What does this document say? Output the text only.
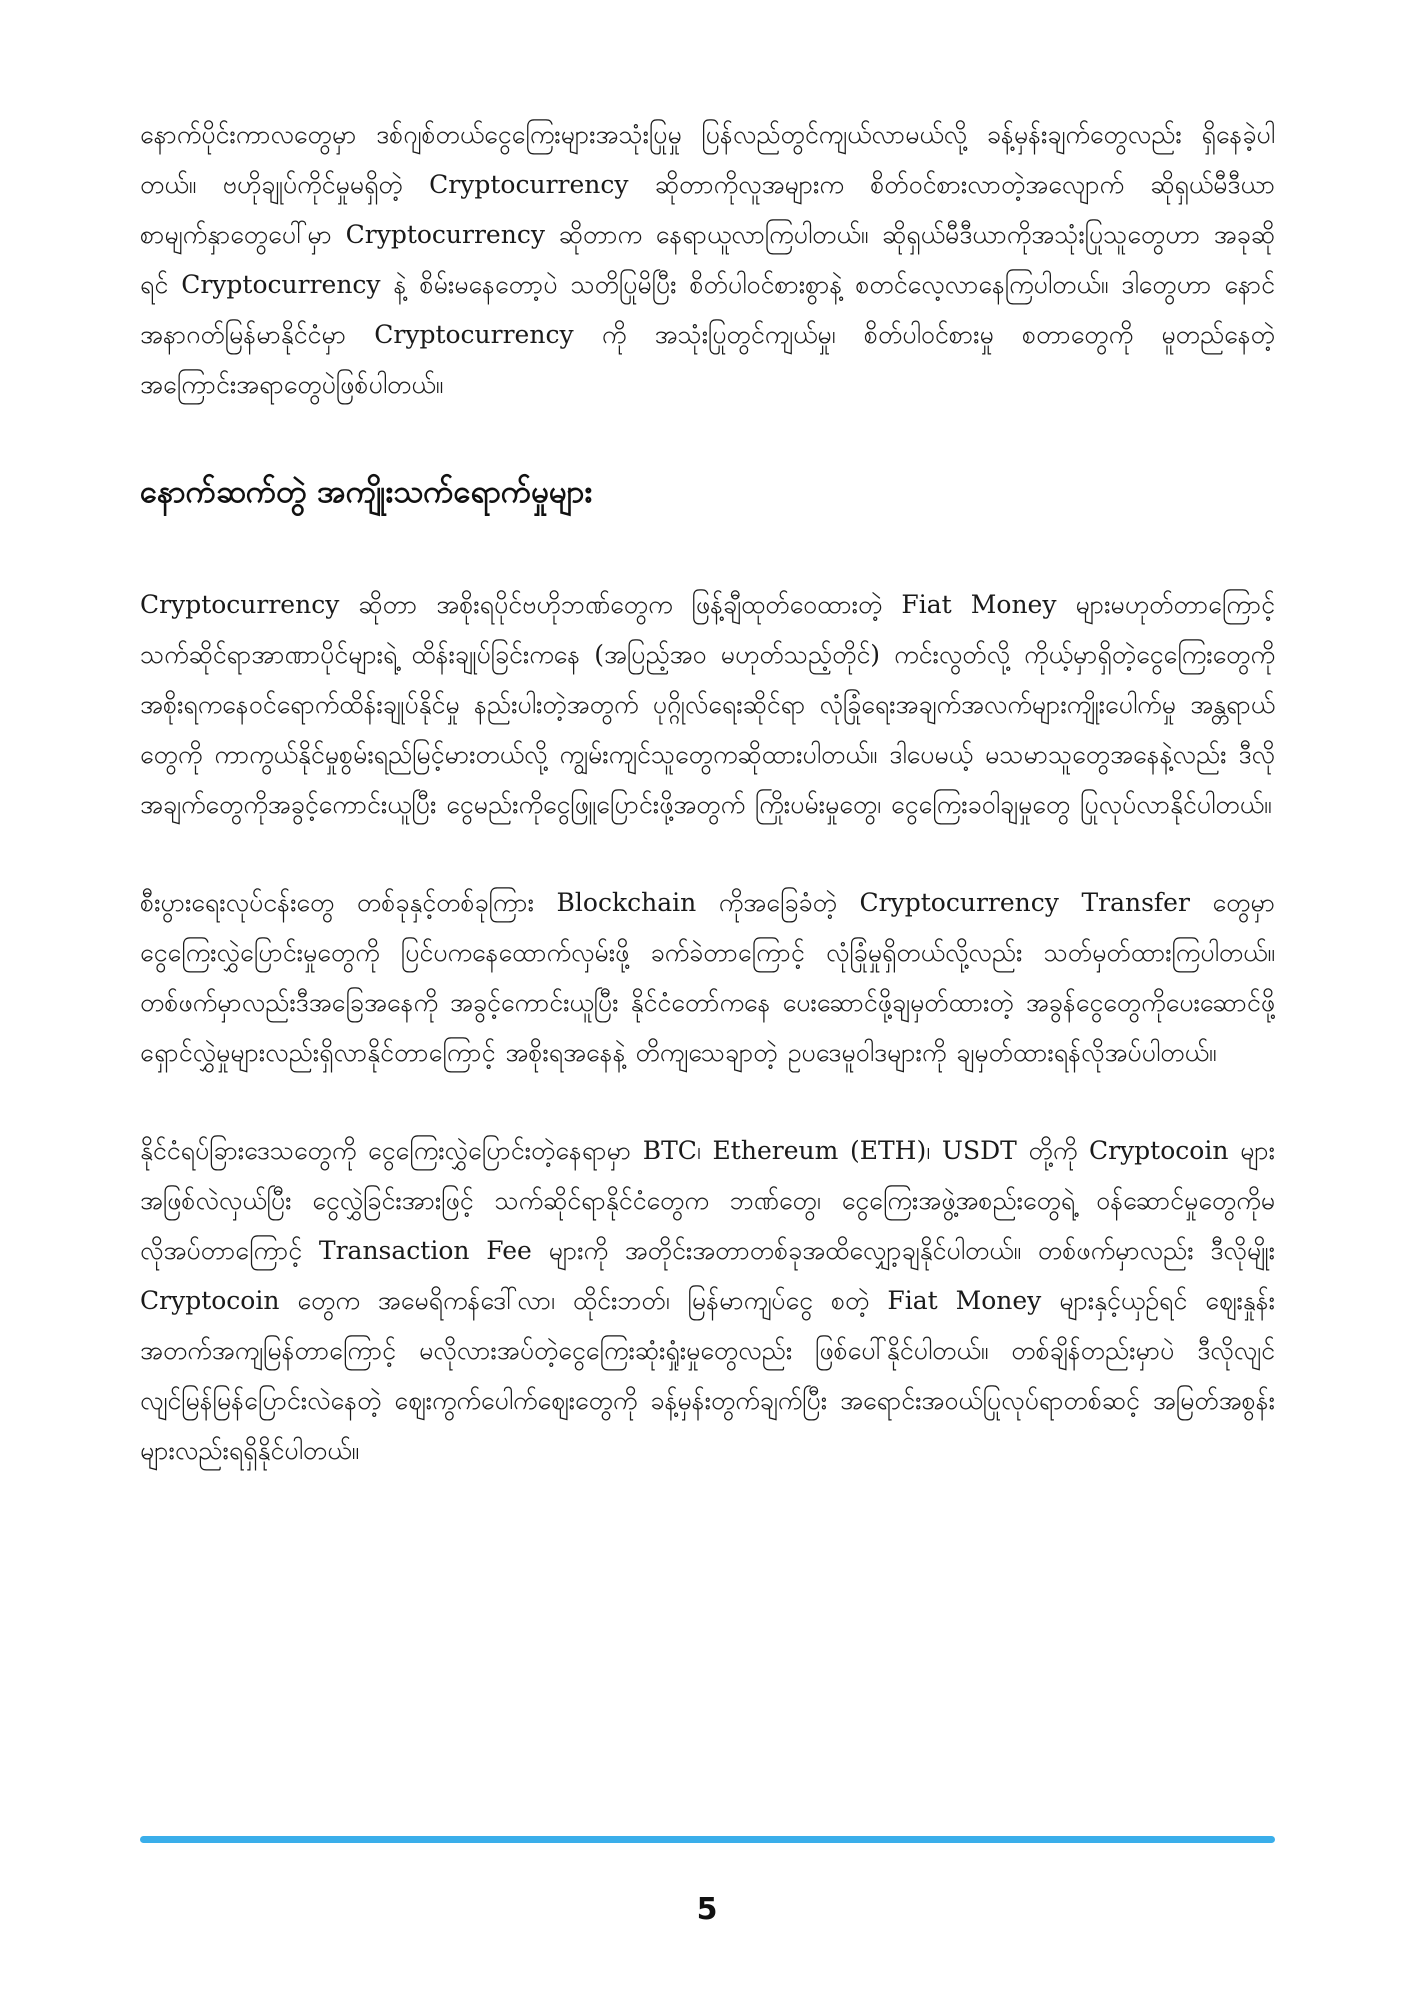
နောက်ပိုင်းကာလတွေမှာ ဒစ်ဂျစ်တယ်ငွေကြေးများအသုံးပြုမှု ပြန်လည်တွင်ကျယ်လာမယ်လို့ ခန့်မှန်းချက်တွေလည်း ရှိနေခဲ့ပါတယ်။ ဗဟိုချုပ်ကိုင်မှုမရှိတဲ့ Cryptocurrency ဆိုတာကိုလူအများက စိတ်ဝင်စားလာတဲ့အလျောက် ဆိုရှယ်မီဒီယာ စာမျက်နှာတွေပေါ်မှာ Cryptocurrency ဆိုတာက နေရာယူလာကြပါတယ်။ ဆိုရှယ်မီဒီယာကိုအသုံးပြုသူတွေဟာ အခုဆိုရင် Cryptocurrency နဲ့ စိမ်းမနေတော့ပဲ သတိပြုမိပြီး စိတ်ပါဝင်စားစွာနဲ့ စတင်လေ့လာနေကြပါတယ်။ ဒါတွေဟာ နောင်အနာဂတ်မြန်မာနိုင်ငံမှာ Cryptocurrency ကို အသုံးပြုတွင်ကျယ်မှု၊ စိတ်ပါဝင်စားမှု စတာတွေကို မူတည်နေတဲ့အကြောင်းအရာတွေပဲဖြစ်ပါတယ်။

နောက်ဆက်တွဲ အကျိုးသက်ရောက်မှုများ

Cryptocurrency ဆိုတာ အစိုးရပိုင်ဗဟိုဘဏ်တွေက ဖြန့်ချီထုတ်ဝေထားတဲ့ Fiat Money များမဟုတ်တာကြောင့် သက်ဆိုင်ရာအာဏာပိုင်များရဲ့ ထိန်းချုပ်ခြင်းကနေ (အပြည့်အဝ မဟုတ်သည့်တိုင်) ကင်းလွတ်လို့ ကိုယ့်မှာရှိတဲ့ငွေကြေးတွေကို အစိုးရကနေဝင်ရောက်ထိန်းချုပ်နိုင်မှု နည်းပါးတဲ့အတွက် ပုဂ္ဂိုလ်ရေးဆိုင်ရာ လုံခြုံရေးအချက်အလက်များကျိုးပေါက်မှု အန္တရာယ်တွေကို ကာကွယ်နိုင်မှုစွမ်းရည်မြင့်မားတယ်လို့ ကျွမ်းကျင်သူတွေကဆိုထားပါတယ်။ ဒါပေမယ့် မသမာသူတွေအနေနဲ့လည်း ဒီလိုအချက်တွေကိုအခွင့်ကောင်းယူပြီး ငွေမည်းကိုငွေဖြူပြောင်းဖို့အတွက် ကြိုးပမ်းမှုတွေ၊ ငွေကြေးခဝါချမှုတွေ ပြုလုပ်လာနိုင်ပါတယ်။

စီးပွားရေးလုပ်ငန်းတွေ တစ်ခုနှင့်တစ်ခုကြား Blockchain ကိုအခြေခံတဲ့ Cryptocurrency Transfer တွေမှာ ငွေကြေးလွှဲပြောင်းမှုတွေကို ပြင်ပကနေထောက်လှမ်းဖို့ ခက်ခဲတာကြောင့် လုံခြုံမှုရှိတယ်လို့လည်း သတ်မှတ်ထားကြပါတယ်။ တစ်ဖက်မှာလည်းဒီအခြေအနေကို အခွင့်ကောင်းယူပြီး နိုင်ငံတော်ကနေ ပေးဆောင်ဖို့ချမှတ်ထားတဲ့ အခွန်ငွေတွေကိုပေးဆောင်ဖို့ ရှောင်လွှဲမှုများလည်းရှိလာနိုင်တာကြောင့် အစိုးရအနေနဲ့ တိကျသေချာတဲ့ ဥပဒေမူဝါဒများကို ချမှတ်ထားရန်လိုအပ်ပါတယ်။

နိုင်ငံရပ်ခြားဒေသတွေကို ငွေကြေးလွှဲပြောင်းတဲ့နေရာမှာ BTC၊ Ethereum (ETH)၊ USDT တို့ကို Cryptocoin များအဖြစ်လဲလှယ်ပြီး ငွေလွှဲခြင်းအားဖြင့် သက်ဆိုင်ရာနိုင်ငံတွေက ဘဏ်တွေ၊ ငွေကြေးအဖွဲ့အစည်းတွေရဲ့ ဝန်ဆောင်မှုတွေကိုမလိုအပ်တာကြောင့် Transaction Fee များကို အတိုင်းအတာတစ်ခုအထိလျှော့ချနိုင်ပါတယ်။ တစ်ဖက်မှာလည်း ဒီလိုမျိုး Cryptocoin တွေက အမေရိကန်ဒေါ်လာ၊ ထိုင်းဘတ်၊ မြန်မာကျပ်ငွေ စတဲ့ Fiat Money များနှင့်ယှဉ်ရင် ဈေးနှုန်းအတက်အကျမြန်တာကြောင့် မလိုလားအပ်တဲ့ငွေကြေးဆုံးရှုံးမှုတွေလည်း ဖြစ်ပေါ်နိုင်ပါတယ်။ တစ်ချိန်တည်းမှာပဲ ဒီလိုလျင်လျင်မြန်မြန်ပြောင်းလဲနေတဲ့ ဈေးကွက်ပေါက်ဈေးတွေကို ခန့်မှန်းတွက်ချက်ပြီး အရောင်းအဝယ်ပြုလုပ်ရာတစ်ဆင့် အမြတ်အစွန်းများလည်းရရှိနိုင်ပါတယ်။

5
